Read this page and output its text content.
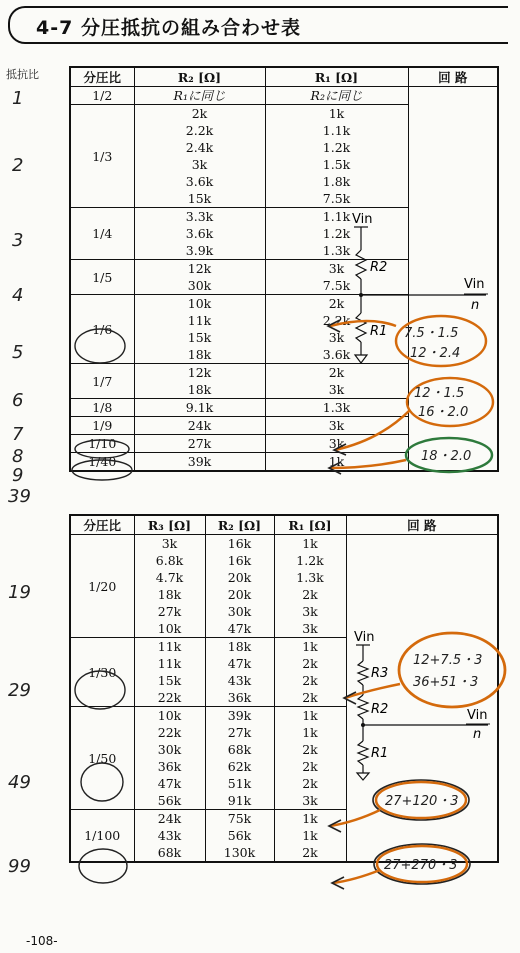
4-7 分圧抵抗の組み合わせ表
抵抗比
1
2
3
4
5
6
7
8
9
39
19
29
49
99
分圧比	R₂ [Ω]	R₁ [Ω]	回 路
1/2	R₁に同じ	R₂に同じ	
1/3	2k	1k	
	2.2k	1.1k	
	2.4k	1.2k	
	3k	1.5k	
	3.6k	1.8k	
	15k	7.5k	
1/4	3.3k	1.1k	
	3.6k	1.2k	
	3.9k	1.3k	
1/5	12k	3k	
	30k	7.5k	
1/6	10k	2k	
	11k	2.2k	
	15k	3k	
	18k	3.6k	
1/7	12k	2k	
	18k	3k	
1/8	9.1k	1.3k	
1/9	24k	3k	
1/10	27k	3k	
1/40	39k	1k	
分圧比	R₃ [Ω]	R₂ [Ω]	R₁ [Ω]	回 路
1/20	3k	16k	1k	
	6.8k	16k	1.2k	
	4.7k	20k	1.3k	
	18k	20k	2k	
	27k	30k	3k	
	10k	47k	3k	
1/30	11k	18k	1k	
	11k	47k	2k	
	15k	43k	2k	
	22k	36k	2k	
1/50	10k	39k	1k	
	22k	27k	1k	
	30k	68k	2k	
	36k	62k	2k	
	47k	51k	2k	
	56k	91k	3k	
1/100	24k	75k	1k	
	43k	56k	1k	
	68k	130k	2k	
Vin
R2
Vin
n
R1
Vin
R3
R2	Vin
n
R1
7.5・1.5
12・2.4
12・1.5
16・2.0
18・2.0
12+7.5・3
36+51・3
27+120・3
27+270・3
-108-
